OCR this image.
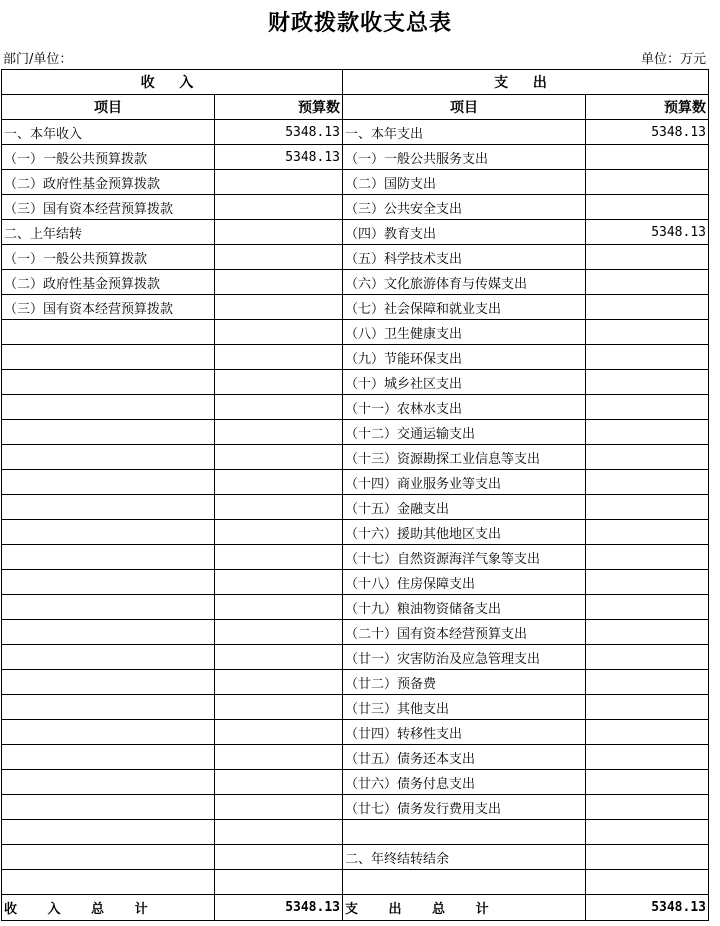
财政拨款收支总表
部门/单位：	单位：万元
收 入		支 出	
项目	预算数	项目	预算数
一、本年收入	5348.13	一、本年支出	5348.13
（一）一般公共预算拨款	5348.13	（一）一般公共服务支出	
（二）政府性基金预算拨款		（二）国防支出	
（三）国有资本经营预算拨款		（三）公共安全支出	
二、上年结转		（四）教育支出	5348.13
（一）一般公共预算拨款		（五）科学技术支出	
（二）政府性基金预算拨款		（六）文化旅游体育与传媒支出	
（三）国有资本经营预算拨款		（七）社会保障和就业支出	
		（八）卫生健康支出	
		（九）节能环保支出	
		（十）城乡社区支出	
		（十一）农林水支出	
		（十二）交通运输支出	
		（十三）资源勘探工业信息等支出	
		（十四）商业服务业等支出	
		（十五）金融支出	
		（十六）援助其他地区支出	
		（十七）自然资源海洋气象等支出	
		（十八）住房保障支出	
		（十九）粮油物资储备支出	
		（二十）国有资本经营预算支出	
		（廿一）灾害防治及应急管理支出	
		（廿二）预备费	
		（廿三）其他支出	
		（廿四）转移性支出	
		（廿五）债务还本支出	
		（廿六）债务付息支出	
		（廿七）债务发行费用支出	

		二、年终结转结余	

收 入 总 计	5348.13	支 出 总 计	5348.13
